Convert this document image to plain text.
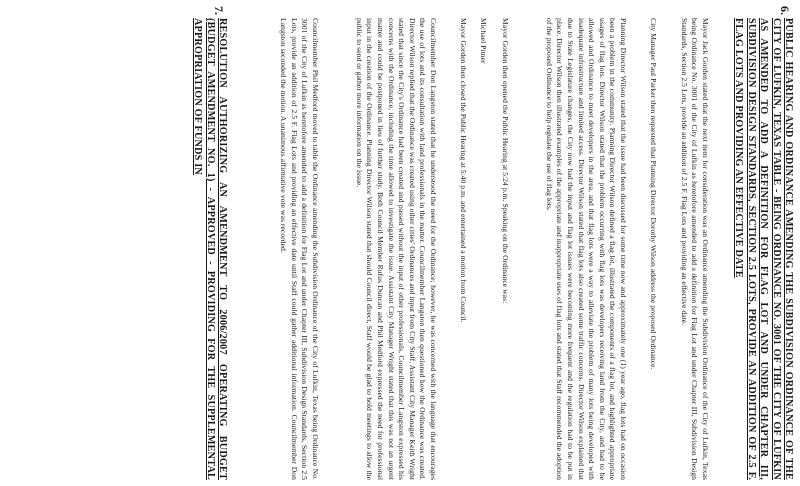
6.
PUBLIC HEARING AND ORDINANCE AMENDING THE SUBDIVISION ORDINANCE OF THE CITY OF LUFKIN, TEXAS TABLE - BEING ORDINANCE NO. 3001 OF THE CITY OF LUFKIN AS AMENDED TO ADD A DEFINITION FOR FLAG LOT AND UNDER CHAPTER III, SUBDIVISION DESIGN STANDARDS, SECTION 2.5 LOTS, PROVIDE AN ADDITION OF 2.5 F. FLAG LOTS AND PROVIDING AN EFFECTIVE DATE
Mayor Jack Gorden stated that the next item for consideration was an Ordinance amending the Subdivision Ordinance of the City of Lufkin, Texas being Ordinance No. 3001 of the City of Lufkin as heretofore amended to add a definition for Flag Lot and under Chapter III, Subdivision Design Standards, Section 2.5 Lots, provide an addition of 2.5 F. Flag Lots and providing an effective date.
City Manager Paul Parker then requested that Planning Director Dorothy Wilson address the proposed Ordinance.
Planning Director Wilson stated that the issue had been discussed for some time now and approximately one (1) year ago, flag lots had on occasion been a problem in the community. Planning Director Wilson defined a flag lot, illustrated the components of a flag lot, and highlighted appropriate usages of flag lots. Director Wilson stated that the problem occurring with flag lots was developers receiving land from the City, and had to be allowed and Ordinance to meet developers in the area, and that flag lots were a way to alleviate the problem of many lots being developed with inadequate infrastructure and limited access. Director Wilson stated that flag lots also created some traffic concerns. Director Wilson explained that due to State Legislature changes, the City now had the input and flag lot issues were becoming more frequent and the regulation had to be put in place. Director Wilson then illustrated examples of the appropriate and inappropriate uses of flag lots and stated that Staff recommended the adoption of the proposed Ordinance to help regulate the use of flag lots.
Mayor Gorden then opened the Public Hearing at 5:24 p.m. Speaking on the Ordinance was:
Michael Pitner
Mayor Gorden then closed the Public Hearing at 5:40 p.m. and entertained a motion from Council.
Councilmember Don Langston stated that he understood the need for the Ordinance; however, he was concerned with the language that encourages the use of lots and its consultation with land professionals in the matter. Councilmember Langston then questioned how the Ordinance was created. Director Wilson replied that the Ordinance was created using other cities' Ordinances and input from City Staff. Assistant City Manager Keith Wright stated that since the City's Ordinance had been created and passed without the input of other professionals, Councilmember Langston expressed his concerns with the Ordinance, including the time allowed to investigate the issue. Assistant City Manager Wright stated that this was not an urgent matter and could be postponed in lieu of further study. Both Council Member Rufus Duncan and Phil Medford expressed the need for professional input in the creation of the Ordinance. Planning Director Wilson stated that should Council direct, Staff would be glad to hold meetings to allow the public to send or gather more information on the issue.
Councilmember Phil Medford moved to table the Ordinance amending the Subdivision Ordinance of the City of Lufkin, Texas being Ordinance No. 3001 of the City of Lufkin as heretofore amended to add a definition for Flag Lot and under Chapter III, Subdivision Design Standards, Section 2.5 Lots, provide an addition of 2.5 F. Flag Lots and providing an effective date until Staff could gather additional information. Councilmember Don Langston seconded the motion. A unanimous affirmative vote was recorded.
7.
RESOLUTION AUTHORIZING AN AMENDMENT TO 2006/2007 OPERATING BUDGET (BUDGET AMENDMENT NO. 1) - APPROVED - PROVIDING FOR THE SUPPLEMENTAL APPROPRIATION OF FUNDS IN
